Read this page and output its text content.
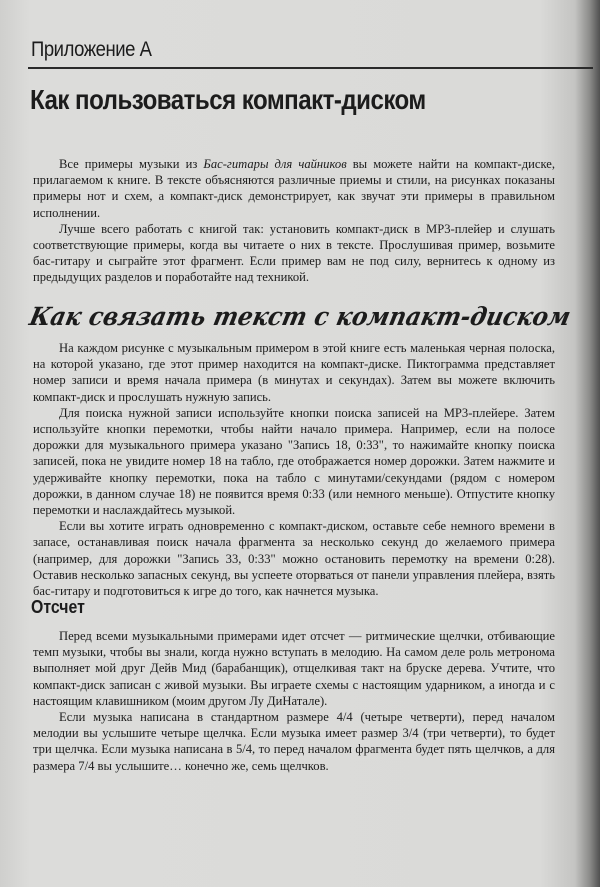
Приложение А
Как пользоваться компакт-диском

Все примеры музыки из Бас-гитары для чайников вы можете найти на компакт-диске, прилагаемом к книге. В тексте объясняются различные приемы и стили, на рисунках показаны примеры нот и схем, а компакт-диск демонстрирует, как звучат эти примеры в правильном исполнении.

Лучше всего работать с книгой так: установить компакт-диск в MP3-плейер и слушать соответствующие примеры, когда вы читаете о них в тексте. Прослушивая пример, возьмите бас-гитару и сыграйте этот фрагмент. Если пример вам не под силу, вернитесь к одному из предыдущих разделов и поработайте над техникой.

Как связать текст с компакт-диском

На каждом рисунке с музыкальным примером в этой книге есть маленькая черная полоска, на которой указано, где этот пример находится на компакт-диске. Пиктограмма представляет номер записи и время начала примера (в минутах и секундах). Затем вы можете включить компакт-диск и прослушать нужную запись.

Для поиска нужной записи используйте кнопки поиска записей на MP3-плейере. Затем используйте кнопки перемотки, чтобы найти начало примера. Например, если на полосе дорожки для музыкального примера указано "Запись 18, 0:33", то нажимайте кнопку поиска записей, пока не увидите номер 18 на табло, где отображается номер дорожки. Затем нажмите и удерживайте кнопку перемотки, пока на табло с минутами/секундами (рядом с номером дорожки, в данном случае 18) не появится время 0:33 (или немного меньше). Отпустите кнопку перемотки и наслаждайтесь музыкой.

Если вы хотите играть одновременно с компакт-диском, оставьте себе немного времени в запасе, останавливая поиск начала фрагмента за несколько секунд до желаемого примера (например, для дорожки "Запись 33, 0:33" можно остановить перемотку на времени 0:28). Оставив несколько запасных секунд, вы успеете оторваться от панели управления плейера, взять бас-гитару и подготовиться к игре до того, как начнется музыка.

Отсчет

Перед всеми музыкальными примерами идет отсчет — ритмические щелчки, отбивающие темп музыки, чтобы вы знали, когда нужно вступать в мелодию. На самом деле роль метронома выполняет мой друг Дейв Мид (барабанщик), отщелкивая такт на бруске дерева. Учтите, что компакт-диск записан с живой музыки. Вы играете схемы с настоящим ударником, а иногда и с настоящим клавишником (моим другом Лу ДиНатале).

Если музыка написана в стандартном размере 4/4 (четыре четверти), перед началом мелодии вы услышите четыре щелчка. Если музыка имеет размер 3/4 (три четверти), то будет три щелчка. Если музыка написана в 5/4, то перед началом фрагмента будет пять щелчков, а для размера 7/4 вы услышите… конечно же, семь щелчков.
